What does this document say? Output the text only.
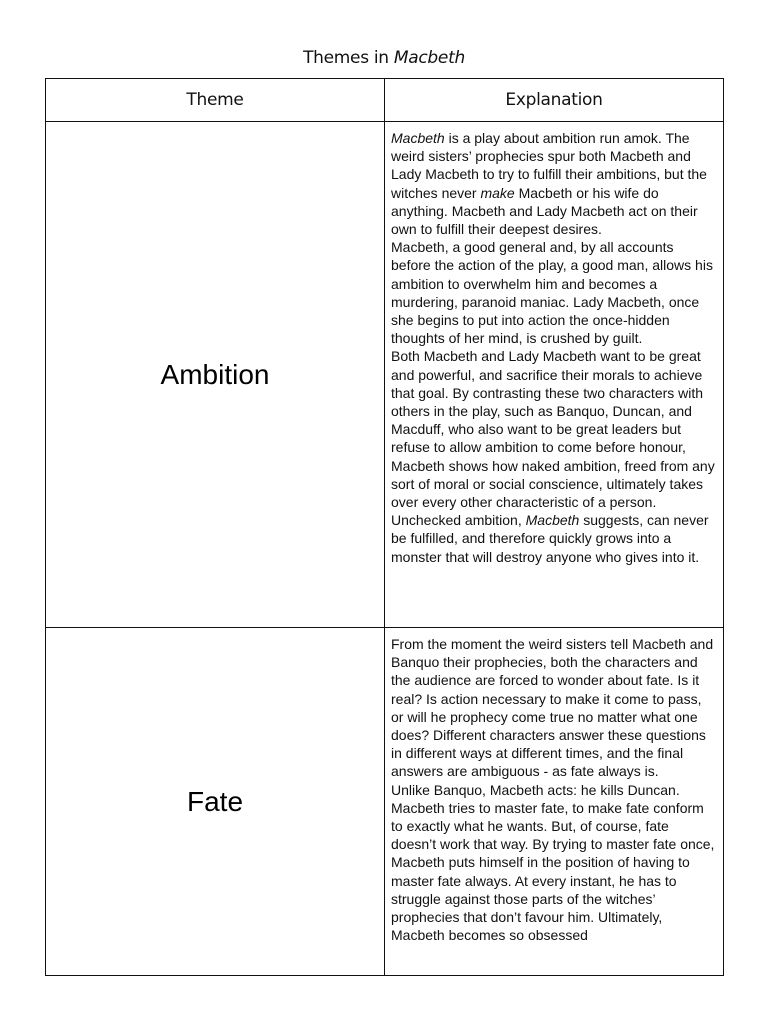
Themes in Macbeth
Theme	Explanation
Ambition	Macbeth is a play about ambition run amok. The weird sisters’ prophecies spur both Macbeth and Lady Macbeth to try to fulfill their ambitions, but the witches never make Macbeth or his wife do anything. Macbeth and Lady Macbeth act on their own to fulfill their deepest desires.

Macbeth, a good general and, by all accounts before the action of the play, a good man, allows his ambition to overwhelm him and becomes a murdering, paranoid maniac. Lady Macbeth, once she begins to put into action the once-hidden thoughts of her mind, is crushed by guilt.

Both Macbeth and Lady Macbeth want to be great and powerful, and sacrifice their morals to achieve that goal. By contrasting these two characters with others in the play, such as Banquo, Duncan, and Macduff, who also want to be great leaders but refuse to allow ambition to come before honour, Macbeth shows how naked ambition, freed from any sort of moral or social conscience, ultimately takes over every other characteristic of a person. Unchecked ambition, Macbeth suggests, can never be fulfilled, and therefore quickly grows into a monster that will destroy anyone who gives into it.

Fate	From the moment the weird sisters tell Macbeth and Banquo their prophecies, both the characters and the audience are forced to wonder about fate. Is it real? Is action necessary to make it come to pass, or will he prophecy come true no matter what one does? Different characters answer these questions in different ways at different times, and the final answers are ambiguous - as fate always is.

Unlike Banquo, Macbeth acts: he kills Duncan. Macbeth tries to master fate, to make fate conform to exactly what he wants. But, of course, fate doesn’t work that way. By trying to master fate once, Macbeth puts himself in the position of having to master fate always. At every instant, he has to struggle against those parts of the witches’ prophecies that don’t favour him. Ultimately, Macbeth becomes so obsessed
